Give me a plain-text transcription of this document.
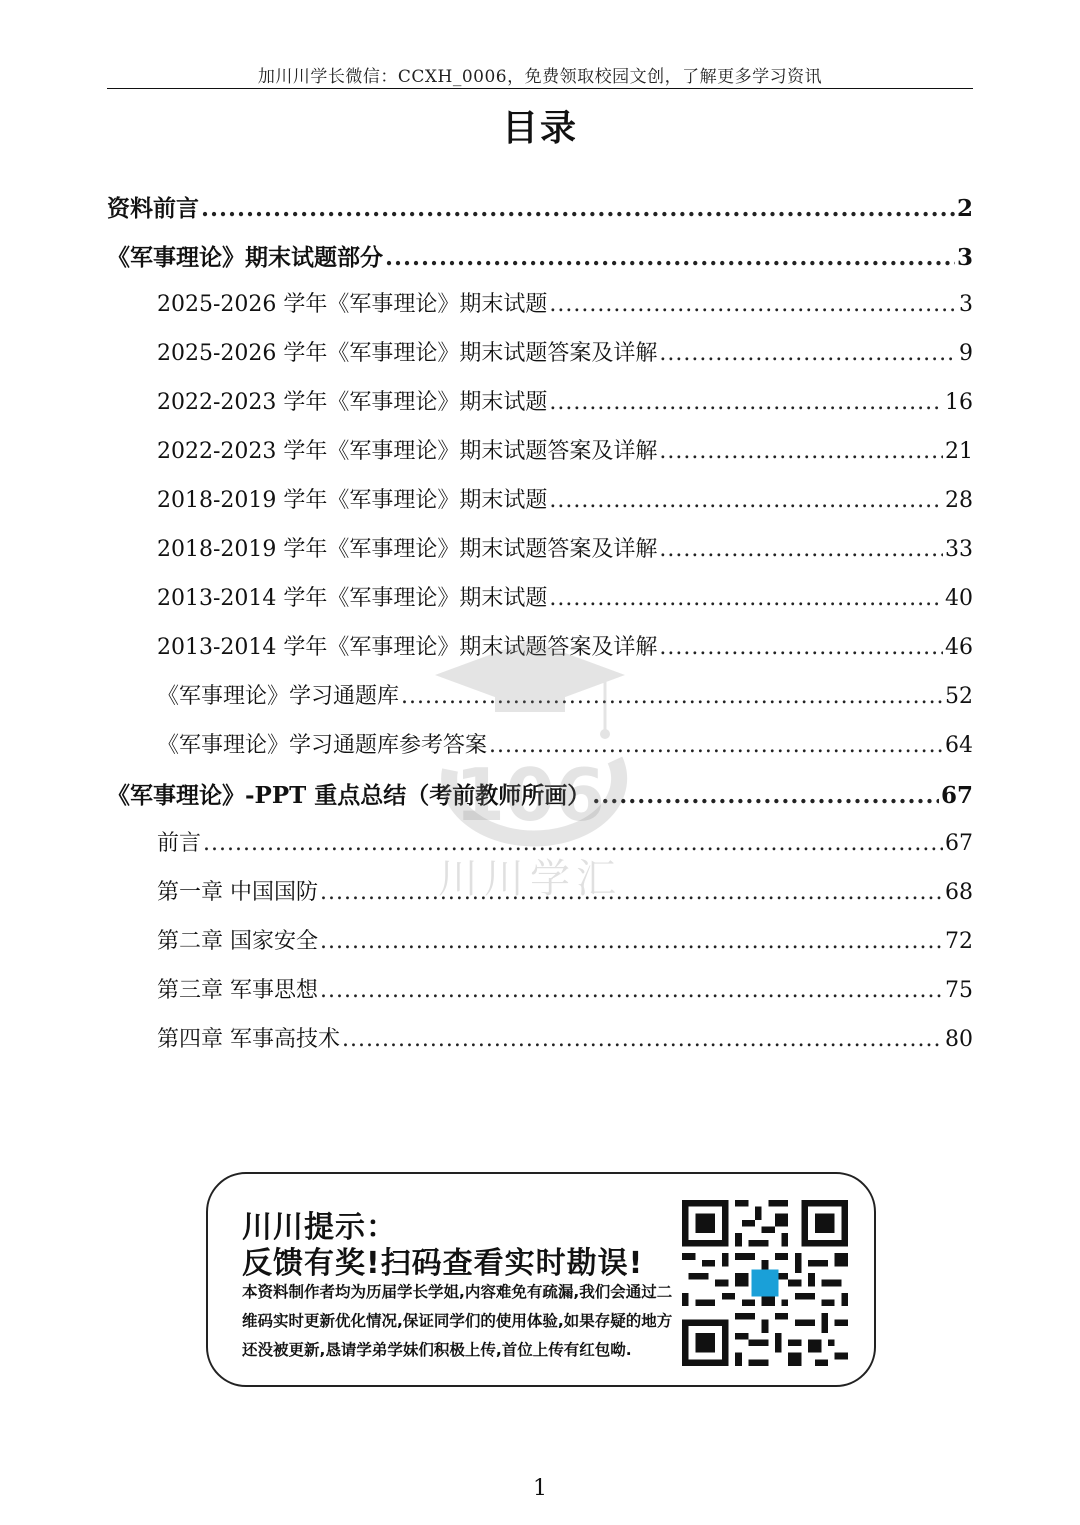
加川川学长微信：CCXH_0006，免费领取校园文创，了解更多学习资讯
目录
资料前言 .....	2
《军事理论》期末试题部分 .....	3
2025-2026 学年《军事理论》期末试题 .....	3
2025-2026 学年《军事理论》期末试题答案及详解 .....	9
2022-2023 学年《军事理论》期末试题 .....	16
2022-2023 学年《军事理论》期末试题答案及详解 .....	21
2018-2019 学年《军事理论》期末试题 .....	28
2018-2019 学年《军事理论》期末试题答案及详解 .....	33
2013-2014 学年《军事理论》期末试题 .....	40
2013-2014 学年《军事理论》期末试题答案及详解 .....	46
《军事理论》学习通题库 .....	52
《军事理论》学习通题库参考答案 .....	64
《军事理论》-PPT 重点总结（考前教师所画） .....	67
前言 .....	67
第一章 中国国防 .....	68
第二章 国家安全 .....	72
第三章 军事思想 .....	75
第四章 军事高技术 .....	80
106
川川学汇
川川提示：
反馈有奖!扫码查看实时勘误!
本资料制作者均为历届学长学姐,内容难免有疏漏,我们会通过二维码实时更新优化情况,保证同学们的使用体验,如果存疑的地方还没被更新,恳请学弟学妹们积极上传,首位上传有红包呦.
1
